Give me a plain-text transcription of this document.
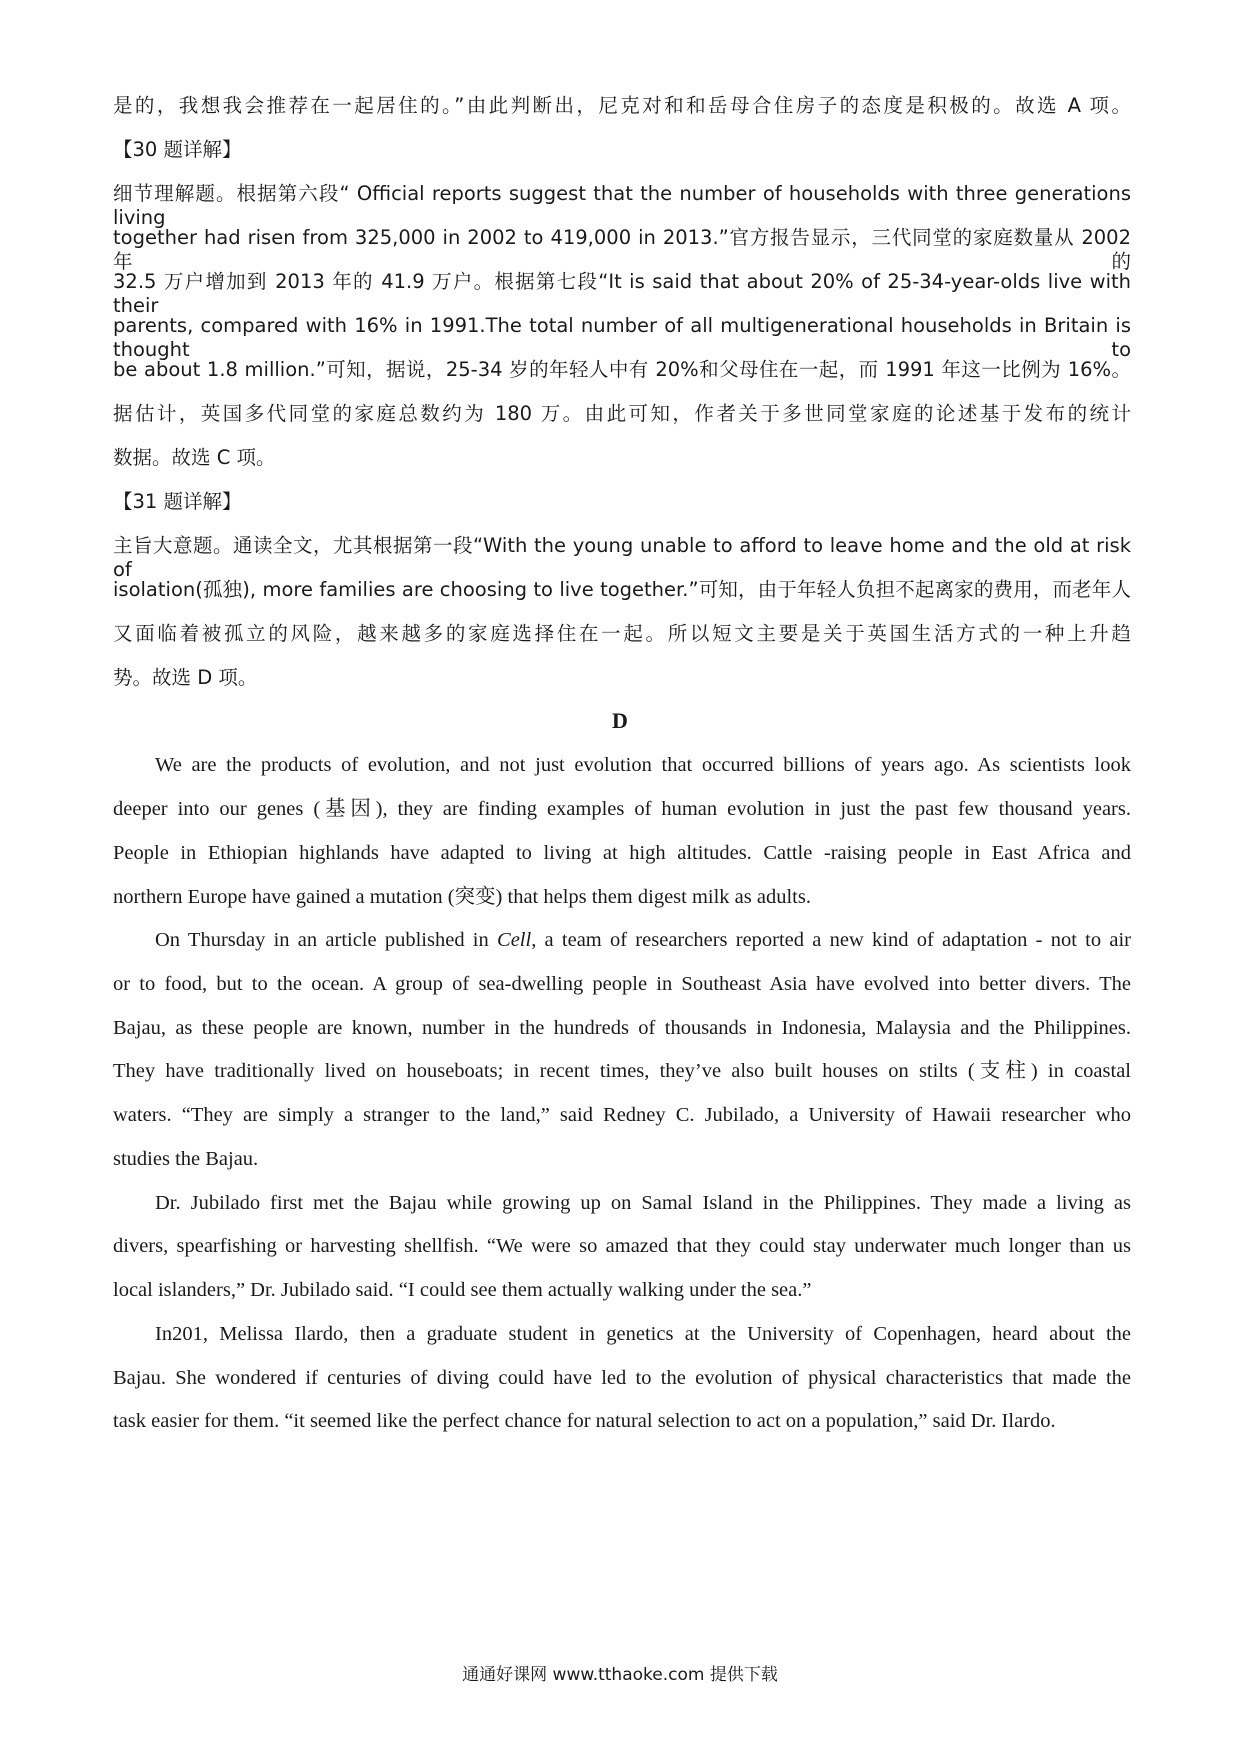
是的，我想我会推荐在一起居住的。”由此判断出，尼克对和和岳母合住房子的态度是积极的。故选 A 项。
【30 题详解】
细节理解题。根据第六段“ Official reports suggest that the number of households with three generations living
together had risen from 325,000 in 2002 to 419,000 in 2013.”官方报告显示，三代同堂的家庭数量从 2002 年的
32.5 万户增加到 2013 年的 41.9 万户。根据第七段“It is said that about 20% of 25-34-year-olds live with their
parents, compared with 16% in 1991.The total number of all multigenerational households in Britain is thought to
be about 1.8 million.”可知，据说，25-34 岁的年轻人中有 20%和父母住在一起，而 1991 年这一比例为 16%。
据估计，英国多代同堂的家庭总数约为 180 万。由此可知，作者关于多世同堂家庭的论述基于发布的统计
数据。故选 C 项。
【31 题详解】
主旨大意题。通读全文，尤其根据第一段“With the young unable to afford to leave home and the old at risk of
isolation(孤独), more families are choosing to live together.”可知，由于年轻人负担不起离家的费用，而老年人
又面临着被孤立的风险，越来越多的家庭选择住在一起。所以短文主要是关于英国生活方式的一种上升趋
势。故选 D 项。
D
We are the products of evolution, and not just evolution that occurred billions of years ago. As scientists look
deeper into our genes (基因), they are finding examples of human evolution in just the past few thousand years.
People in Ethiopian highlands have adapted to living at high altitudes. Cattle -raising people in East Africa and
northern Europe have gained a mutation (突变) that helps them digest milk as adults.
On Thursday in an article published in Cell, a team of researchers reported a new kind of adaptation - not to air
or to food, but to the ocean. A group of sea-dwelling people in Southeast Asia have evolved into better divers. The
Bajau, as these people are known, number in the hundreds of thousands in Indonesia, Malaysia and the Philippines.
They have traditionally lived on houseboats; in recent times, they’ve also built houses on stilts (支柱) in coastal
waters. “They are simply a stranger to the land,” said Redney C. Jubilado, a University of Hawaii researcher who
studies the Bajau.
Dr. Jubilado first met the Bajau while growing up on Samal Island in the Philippines. They made a living as
divers, spearfishing or harvesting shellfish. “We were so amazed that they could stay underwater much longer than us
local islanders,” Dr. Jubilado said. “I could see them actually walking under the sea.”
In201, Melissa Ilardo, then a graduate student in genetics at the University of Copenhagen, heard about the
Bajau. She wondered if centuries of diving could have led to the evolution of physical characteristics that made the
task easier for them. “it seemed like the perfect chance for natural selection to act on a population,” said Dr. Ilardo.
通通好课网 www.tthaoke.com 提供下载
